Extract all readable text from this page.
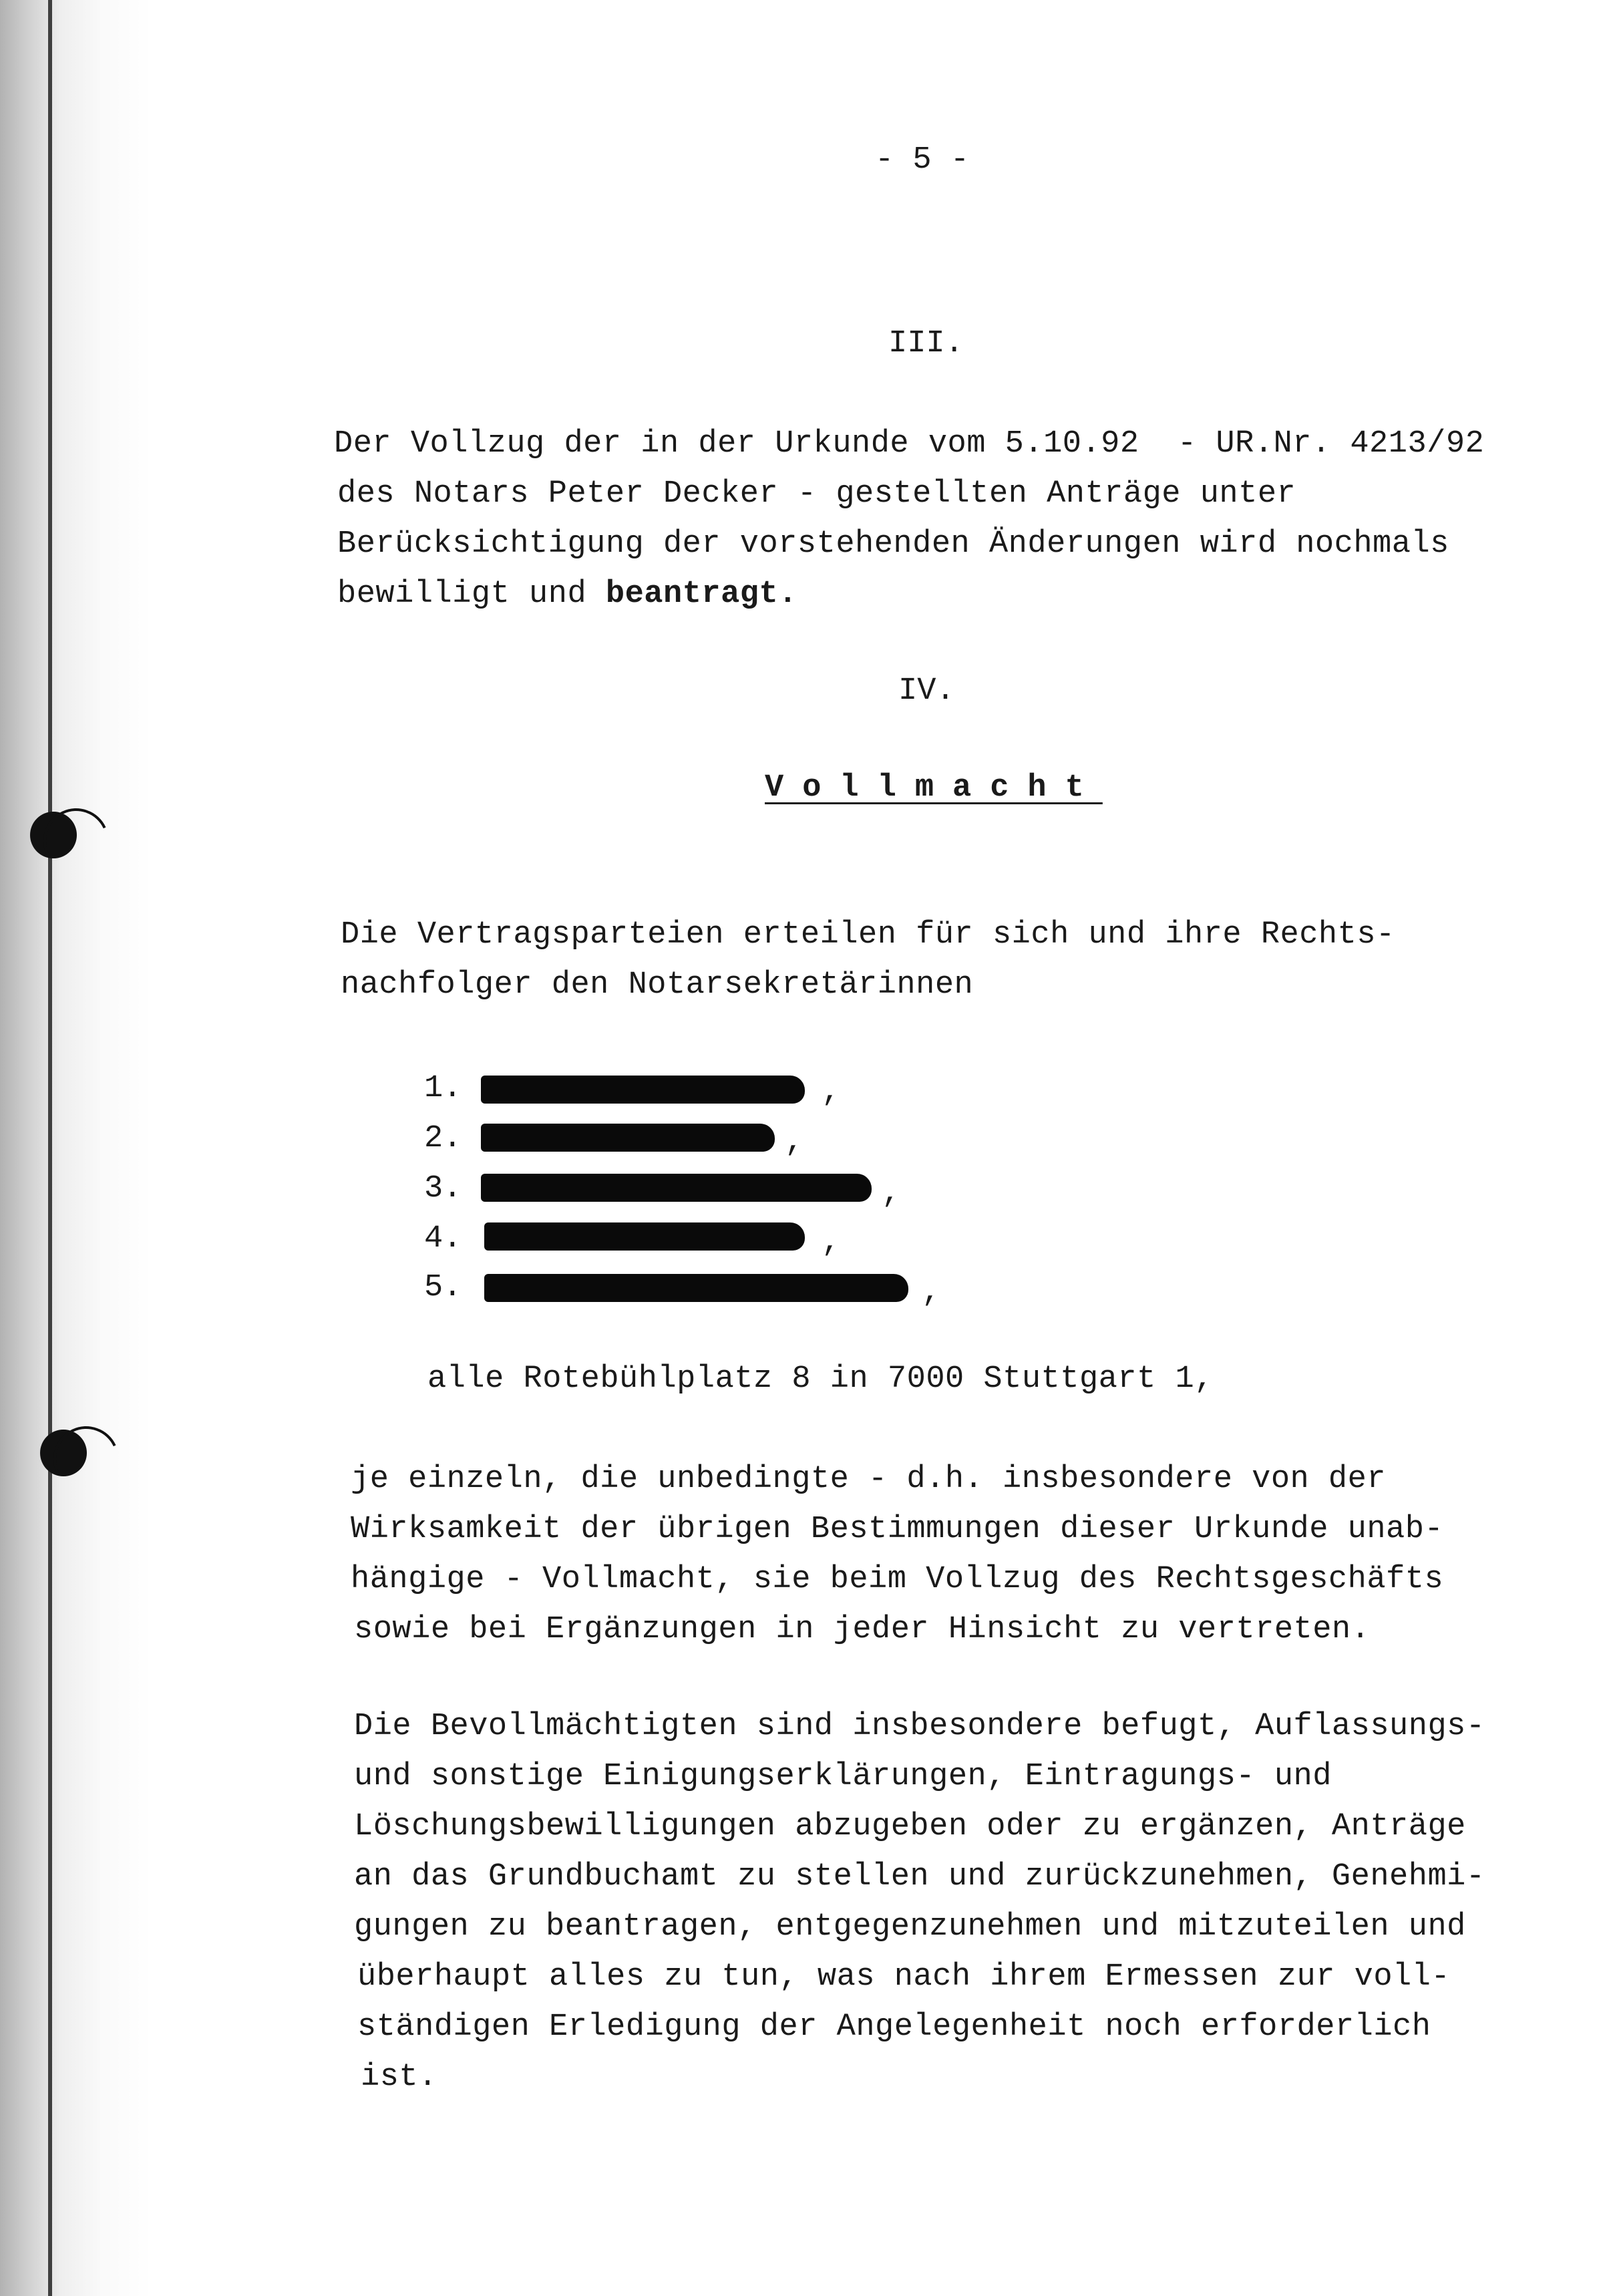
- 5 -
III.
Der Vollzug der in der Urkunde vom 5.10.92  - UR.Nr. 4213/92
des Notars Peter Decker - gestellten Anträge unter
Berücksichtigung der vorstehenden Änderungen wird nochmals
bewilligt und beantragt.
IV.
Vollmacht
Die Vertragsparteien erteilen für sich und ihre Rechts-
nachfolger den Notarsekretärinnen
1.	,
2.	,
3.	,
4.	,
5.	,
alle Rotebühlplatz 8 in 7000 Stuttgart 1,
je einzeln, die unbedingte - d.h. insbesondere von der
Wirksamkeit der übrigen Bestimmungen dieser Urkunde unab-
hängige - Vollmacht, sie beim Vollzug des Rechtsgeschäfts
sowie bei Ergänzungen in jeder Hinsicht zu vertreten.
Die Bevollmächtigten sind insbesondere befugt, Auflassungs-
und sonstige Einigungserklärungen, Eintragungs- und
Löschungsbewilligungen abzugeben oder zu ergänzen, Anträge
an das Grundbuchamt zu stellen und zurückzunehmen, Genehmi-
gungen zu beantragen, entgegenzunehmen und mitzuteilen und
überhaupt alles zu tun, was nach ihrem Ermessen zur voll-
ständigen Erledigung der Angelegenheit noch erforderlich
ist.
